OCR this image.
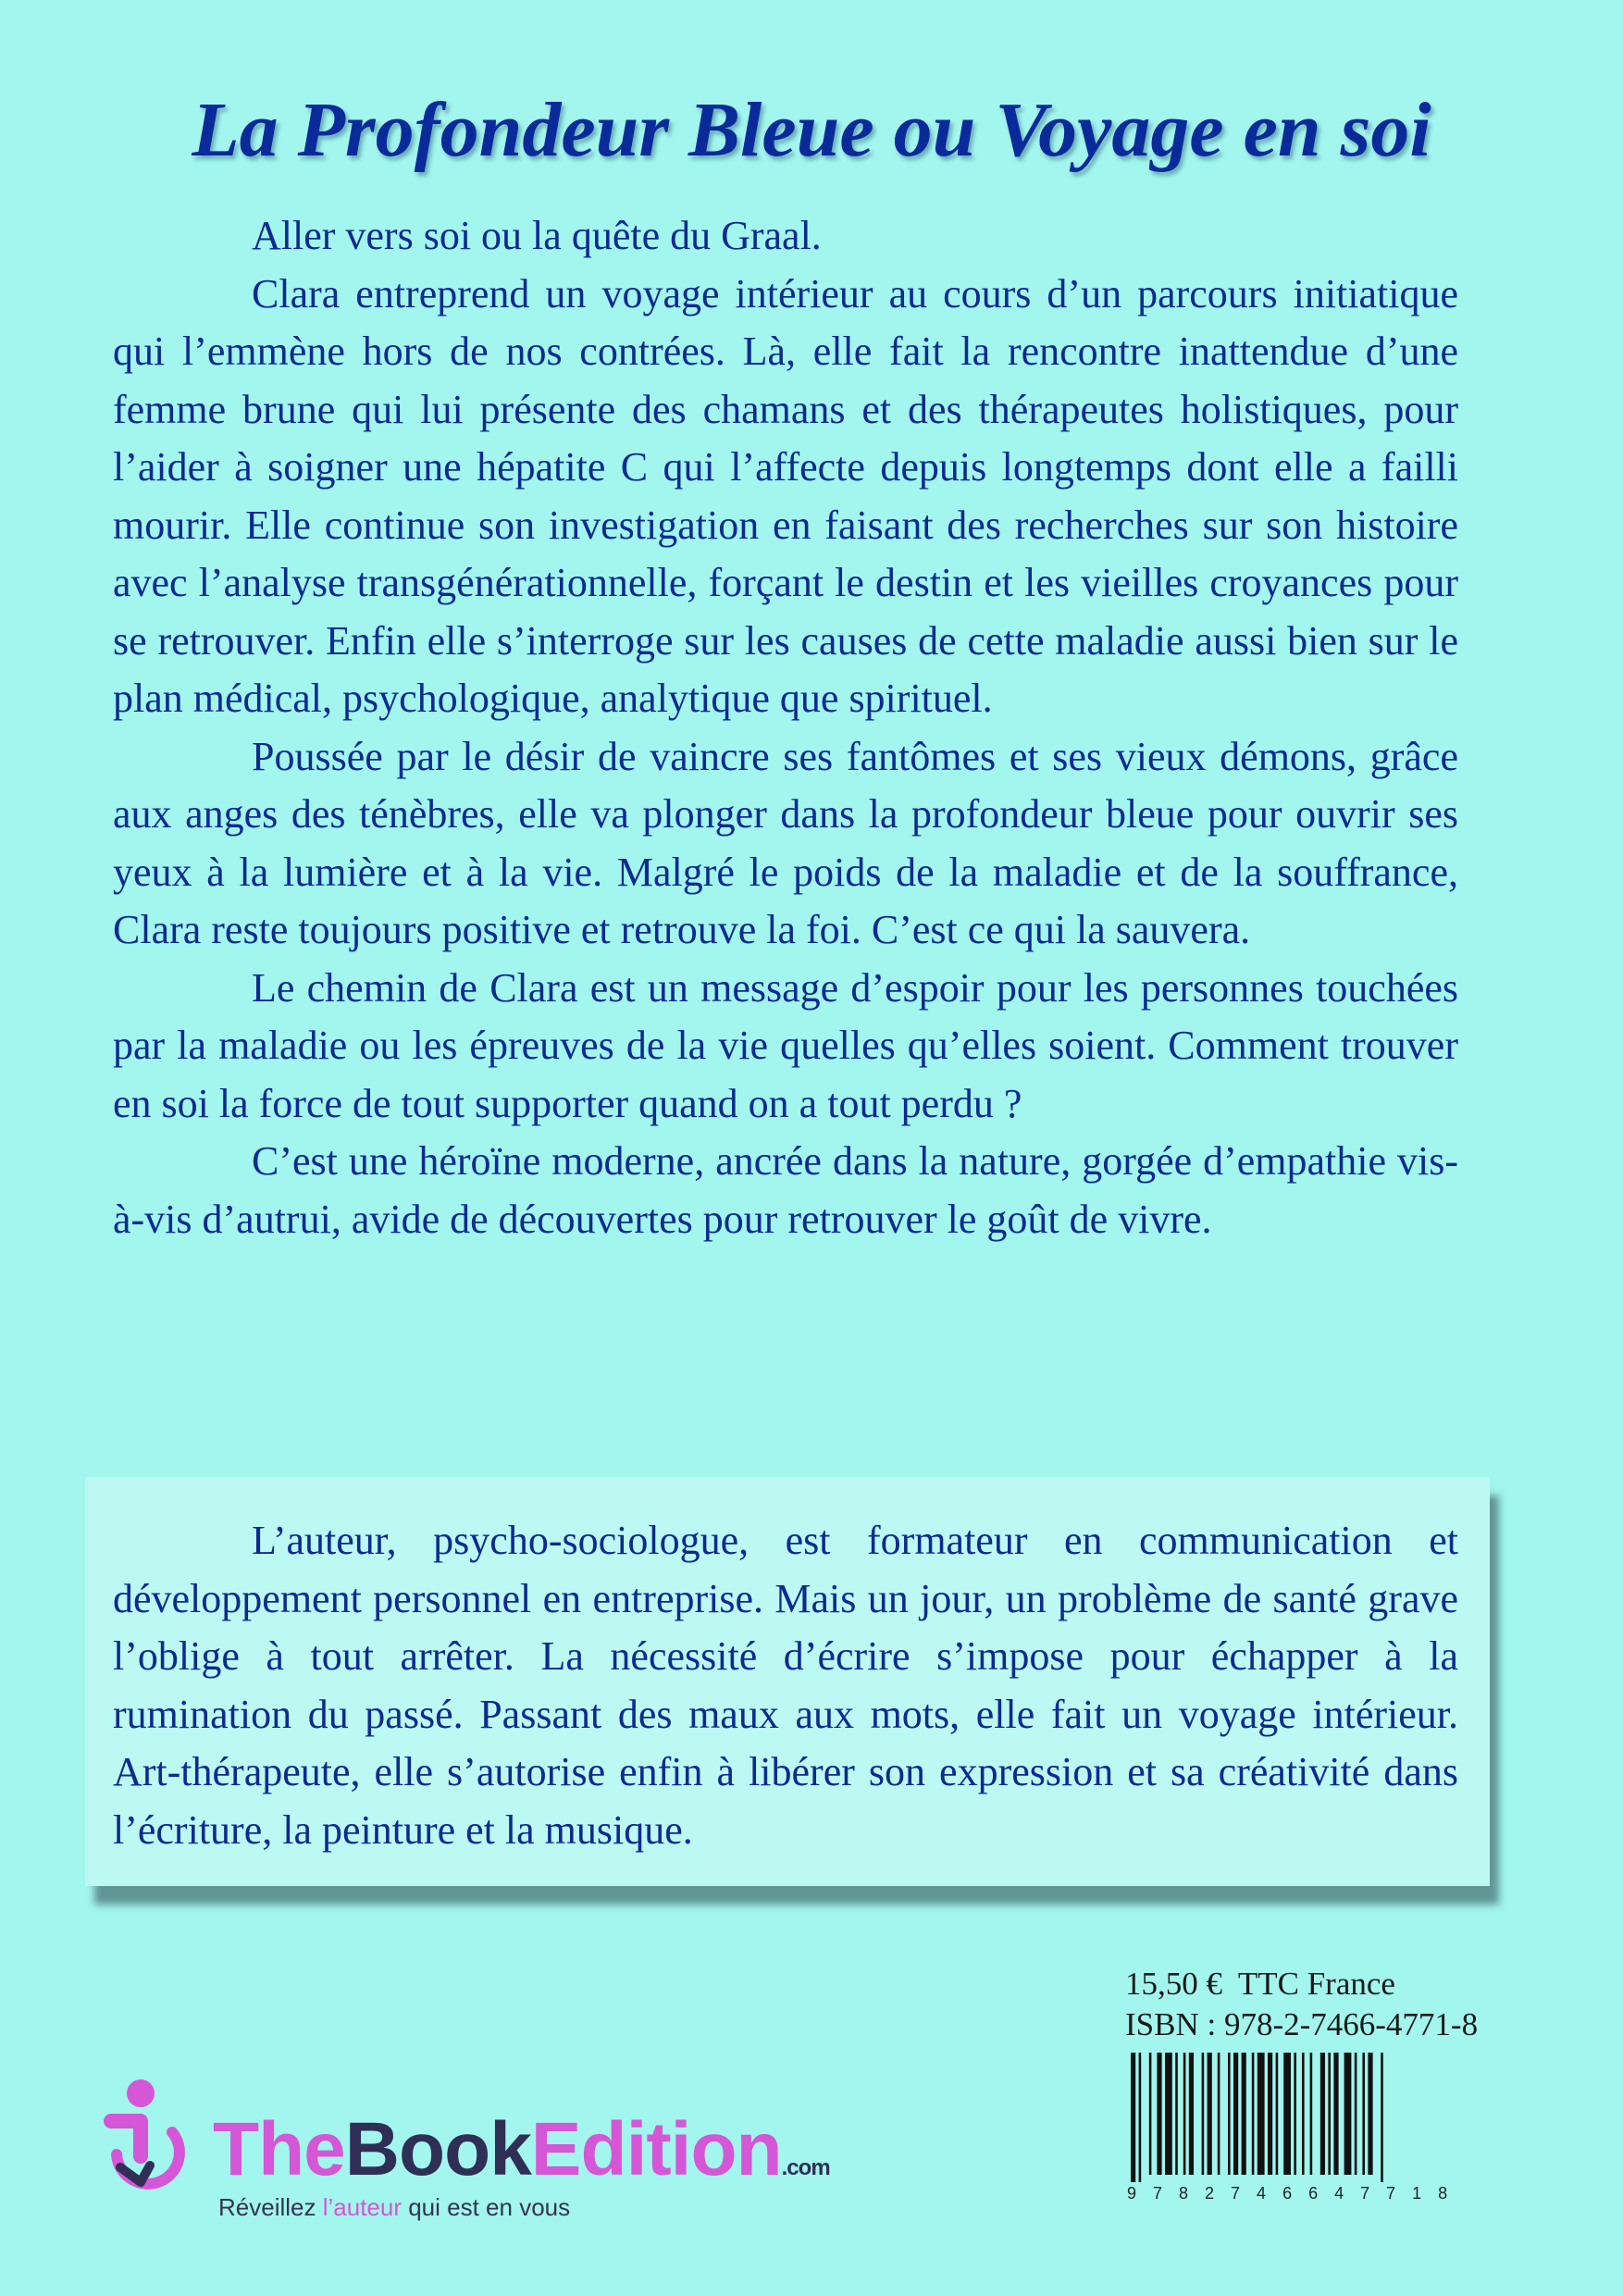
La Profondeur Bleue ou Voyage en soi

Aller vers soi ou la quête du Graal.

Clara entreprend un voyage intérieur au cours d’un parcours initiatique qui l’emmène hors de nos contrées. Là, elle fait la rencontre inattendue d’une femme brune qui lui présente des chamans et des thérapeutes holistiques, pour l’aider à soigner une hépatite C qui l’affecte depuis longtemps dont elle a failli mourir. Elle continue son investigation en faisant des recherches sur son histoire avec l’analyse transgénérationnelle, forçant le destin et les vieilles croyances pour se retrouver. Enfin elle s’interroge sur les causes de cette maladie aussi bien sur le plan médical, psychologique, analytique que spirituel.

Poussée par le désir de vaincre ses fantômes et ses vieux démons, grâce aux anges des ténèbres, elle va plonger dans la profondeur bleue pour ouvrir ses yeux à la lumière et à la vie. Malgré le poids de la maladie et de la souffrance, Clara reste toujours positive et retrouve la foi. C’est ce qui la sauvera.

Le chemin de Clara est un message d’espoir pour les personnes touchées par la maladie ou les épreuves de la vie quelles qu’elles soient. Comment trouver en soi la force de tout supporter quand on a tout perdu ?

C’est une héroïne moderne, ancrée dans la nature, gorgée d’empathie vis-à-vis d’autrui, avide de découvertes pour retrouver le goût de vivre.

L’auteur, psycho-sociologue, est formateur en communication et développement personnel en entreprise. Mais un jour, un problème de santé grave l’oblige à tout arrêter. La nécessité d’écrire s’impose pour échapper à la rumination du passé. Passant des maux aux mots, elle fait un voyage intérieur. Art-thérapeute, elle s’autorise enfin à libérer son expression et sa créativité dans l’écriture, la peinture et la musique.

15,50 €  TTC France
ISBN : 978-2-7466-4771-8
9782746647718
TheBookEdition.com
Réveillez l’auteur qui est en vous
